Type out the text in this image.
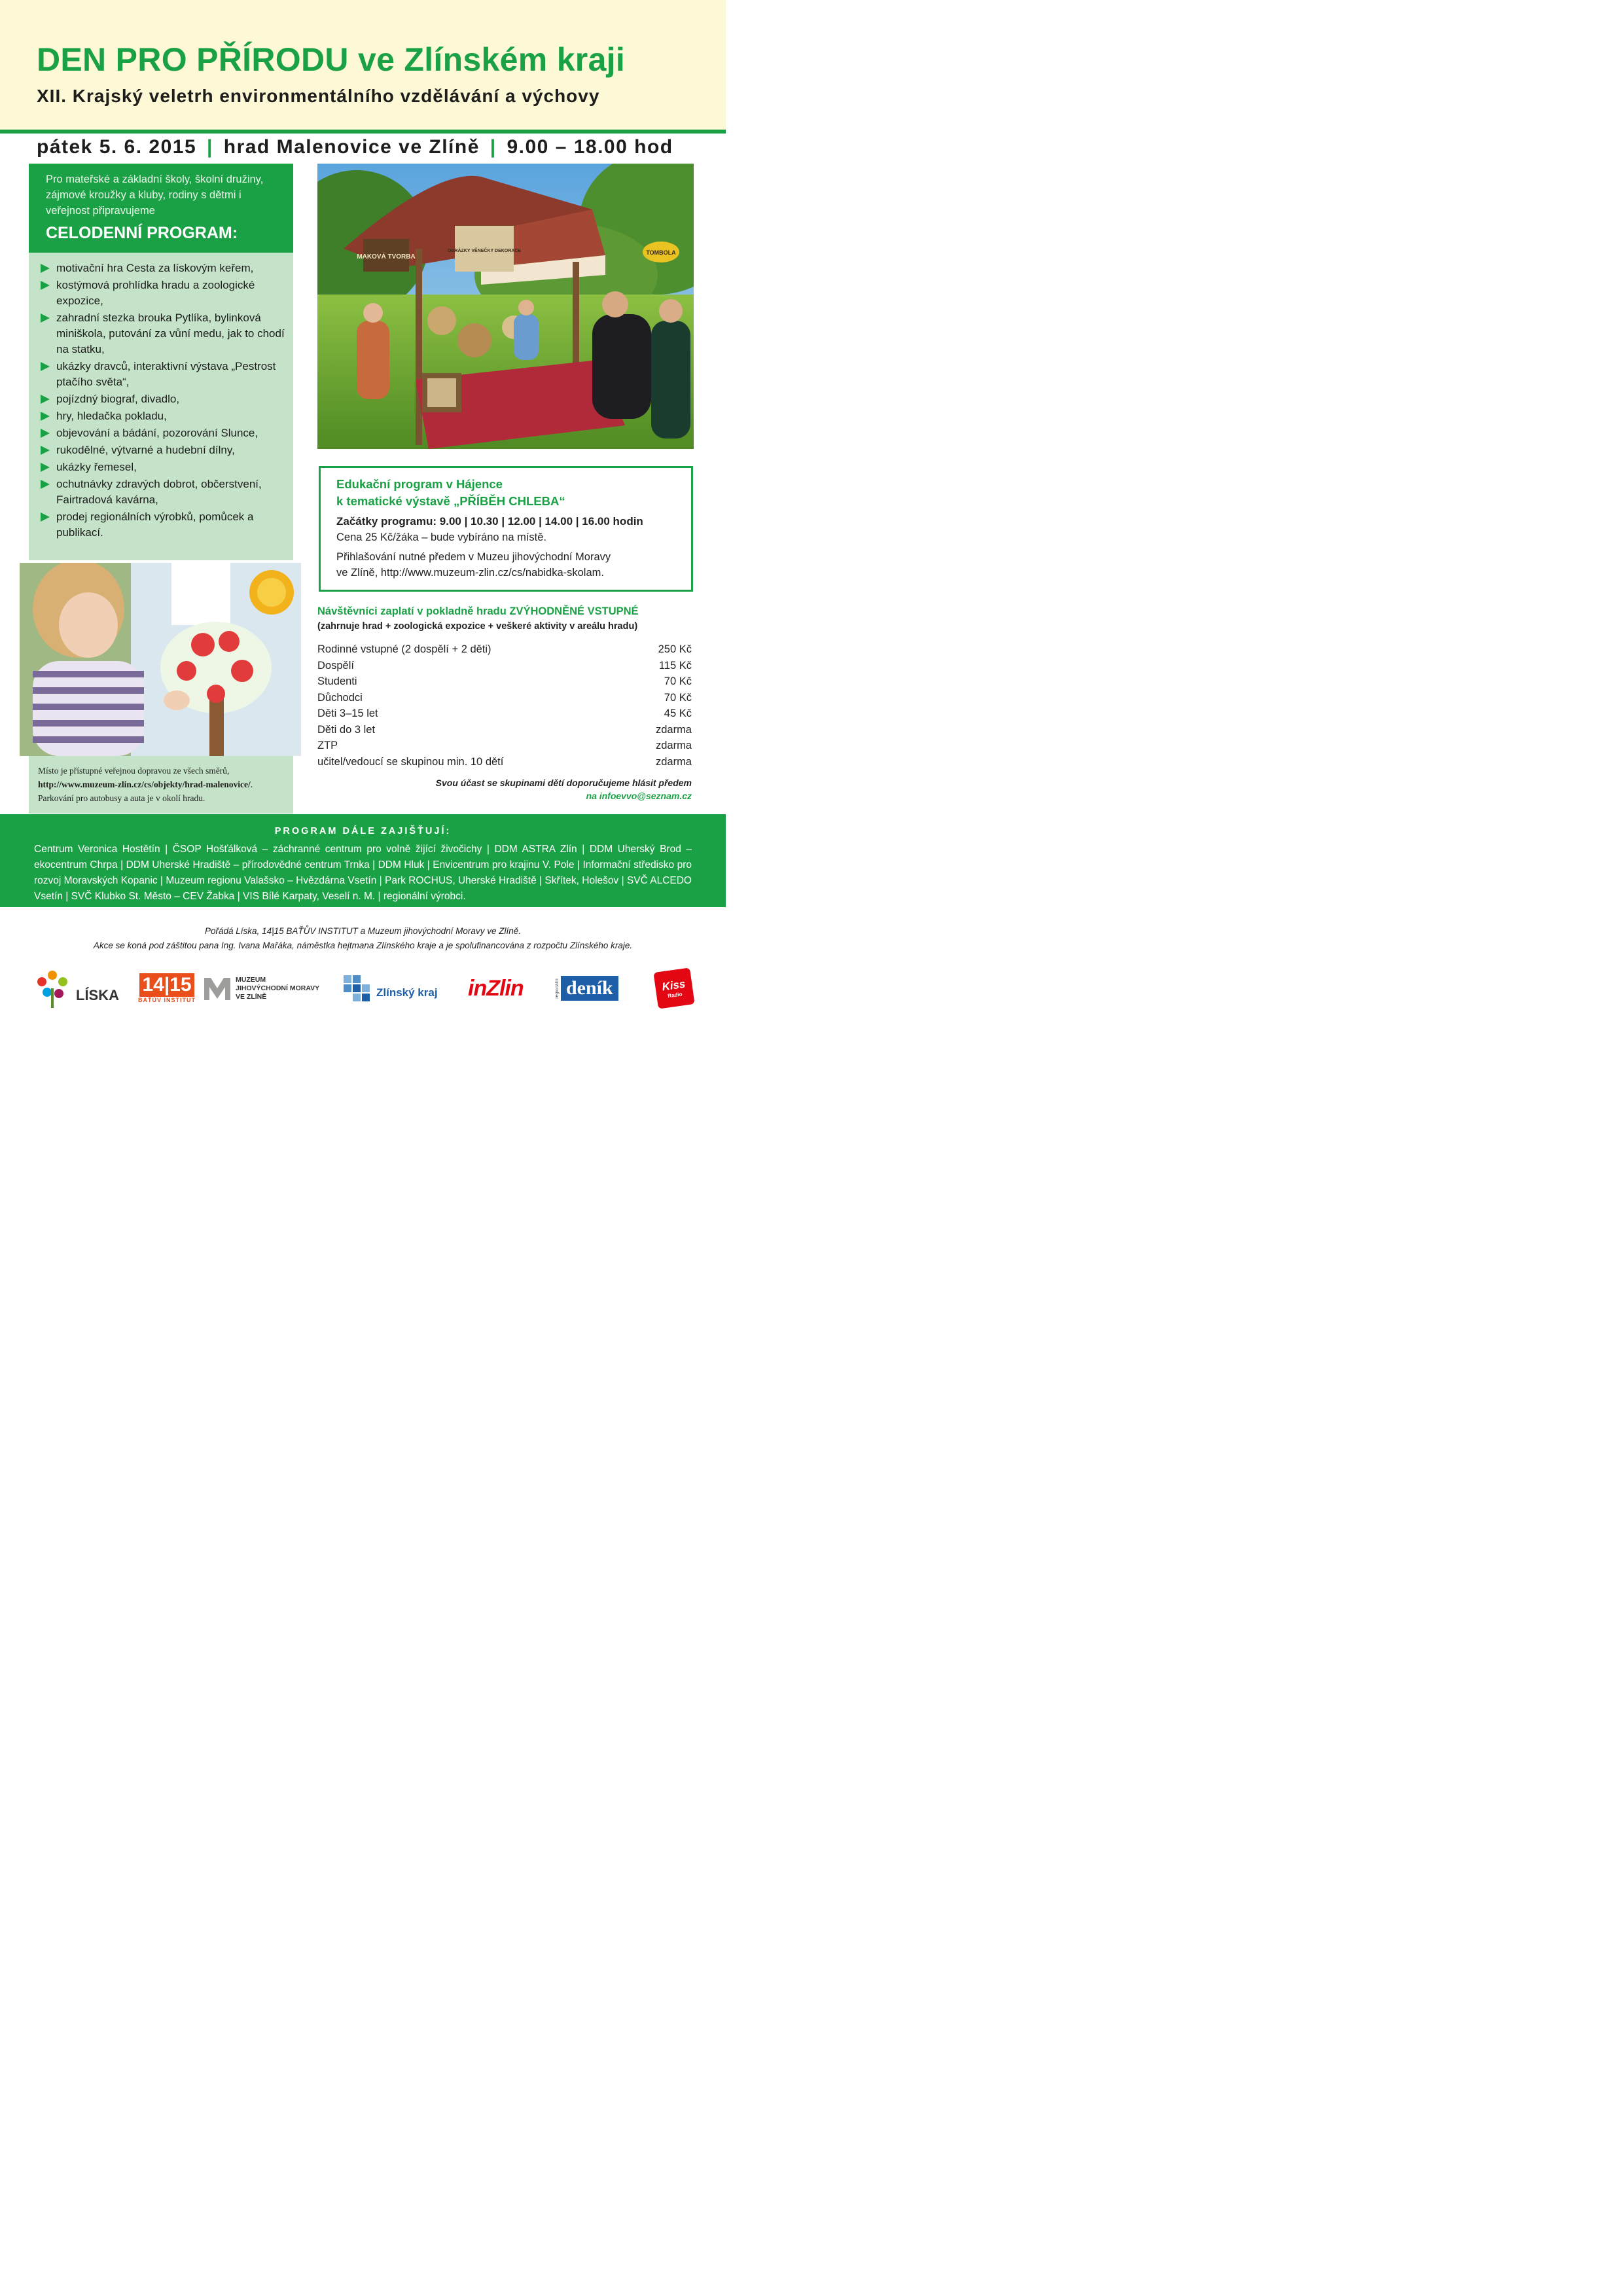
DEN PRO PŘÍRODU ve Zlínském kraji
XII. Krajský veletrh environmentálního vzdělávání a výchovy
pátek 5. 6. 2015 | hrad Malenovice ve Zlíně | 9.00 – 18.00 hod
Pro mateřské a základní školy, školní družiny, zájmové kroužky a kluby, rodiny s dětmi i veřejnost připravujeme
CELODENNÍ PROGRAM:
motivační hra Cesta za lískovým keřem,
kostýmová prohlídka hradu a zoologické expozice,
zahradní stezka brouka Pytlíka, bylinková miniškola, putování za vůní medu, jak to chodí na statku,
ukázky dravců, interaktivní výstava „Pestrost ptačího světa“,
pojízdný biograf, divadlo,
hry, hledačka pokladu,
objevování a bádání, pozorování Slunce,
rukodělné, výtvarné a hudební dílny,
ukázky řemesel,
ochutnávky zdravých dobrot, občerstvení, Fairtradová kavárna,
prodej regionálních výrobků, pomůcek a publikací.
MAKOVÁ TVORBA
OBRÁZKY VĚNEČKY DEKORACE	TOMBOLA
Místo je přístupné veřejnou dopravou ze všech směrů,
http://www.muzeum-zlin.cz/cs/objekty/hrad-malenovice/.
Parkování pro autobusy a auta je v okolí hradu.
Edukační program v Hájence
k tematické výstavě „PŘÍBĚH CHLEBA“
Začátky programu: 9.00 | 10.30 | 12.00 | 14.00 | 16.00 hodin
Cena 25 Kč/žáka – bude vybíráno na místě.
Přihlašování nutné předem v Muzeu jihovýchodní Moravy
ve Zlíně, http://www.muzeum-zlin.cz/cs/nabidka-skolam.
Návštěvníci zaplatí v pokladně hradu ZVÝHODNĚNÉ VSTUPNÉ
(zahrnuje hrad + zoologická expozice + veškeré aktivity v areálu hradu)
Rodinné vstupné (2 dospělí + 2 děti)	250 Kč
Dospělí	115 Kč
Studenti	70 Kč
Důchodci	70 Kč
Děti 3–15 let	45 Kč
Děti do 3 let	zdarma
ZTP	zdarma
učitel/vedoucí se skupinou min. 10 dětí	zdarma
Svou účast se skupinami dětí doporučujeme hlásit předem
na infoevvo@seznam.cz
PROGRAM DÁLE ZAJIŠŤUJÍ:
Centrum Veronica Hostětín | ČSOP Hošťálková – záchranné centrum pro volně žijící živočichy | DDM ASTRA Zlín | DDM Uherský Brod – ekocentrum Chrpa | DDM Uherské Hradiště – přírodovědné centrum Trnka | DDM Hluk | Envicentrum pro krajinu V. Pole | Informační středisko pro rozvoj Moravských Kopanic | Muzeum regionu Valašsko – Hvězdárna Vsetín | Park ROCHUS, Uherské Hradiště | Skřítek, Holešov | SVČ ALCEDO Vsetín | SVČ Klubko St. Město – CEV Žabka | VIS Bílé Karpaty, Veselí n. M. | regionální výrobci.
Pořádá Líska, 14|15 BAŤŮV INSTITUT a Muzeum jihovýchodní Moravy ve Zlíně.
Akce se koná pod záštitou pana Ing. Ivana Mařáka, náměstka hejtmana Zlínského kraje a je spolufinancována z rozpočtu Zlínského kraje.
LÍSKA 14|15
BAŤŮV INSTITUT
MUZEUM
JIHOVÝCHODNÍ MORAVY
VE ZLÍNĚ	Zlínský kraj inZlin	regionální deník	Kiss
Radio
